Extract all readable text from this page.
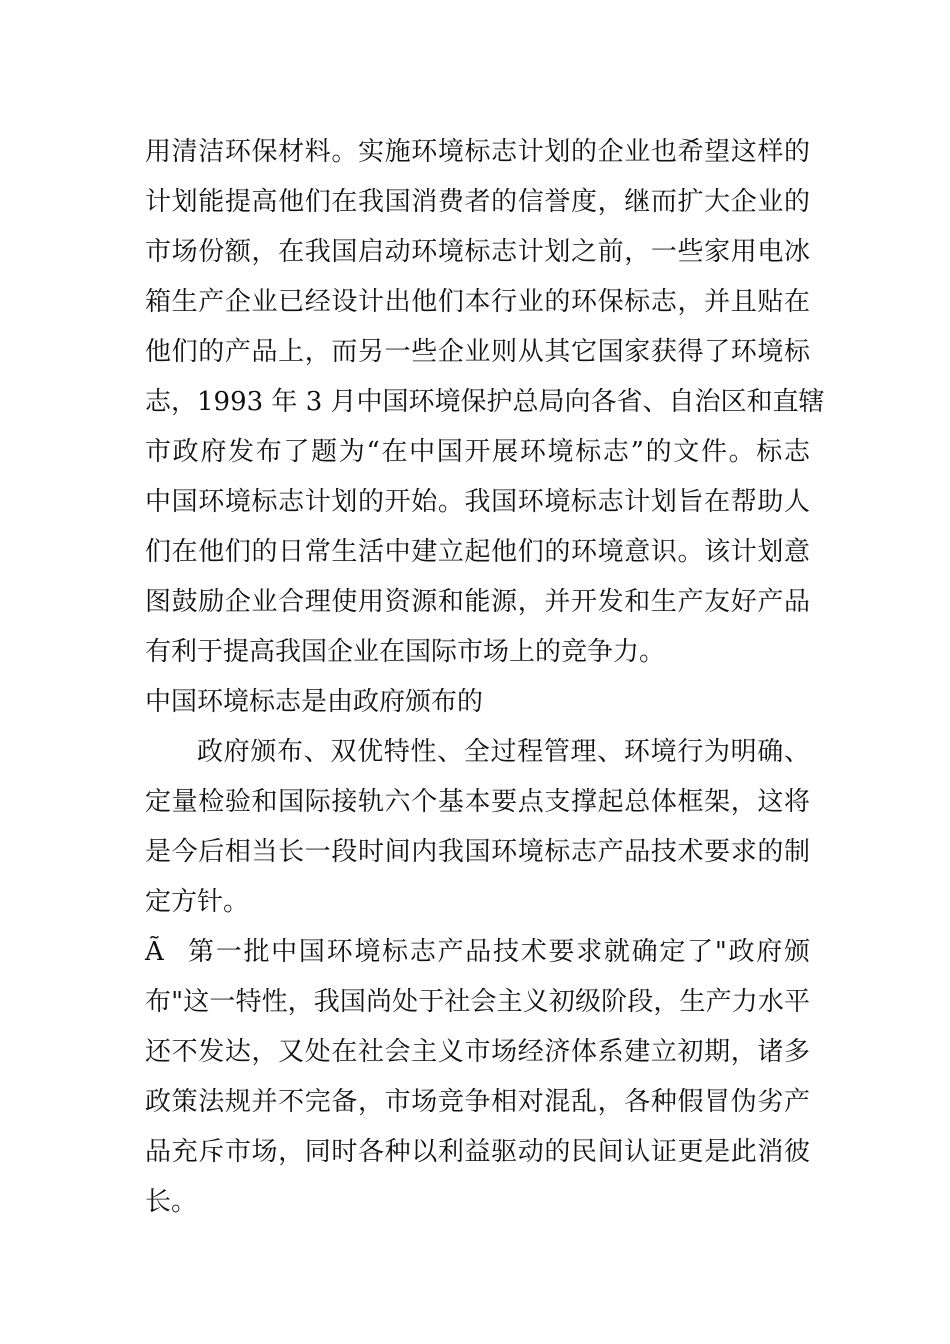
用清洁环保材料。实施环境标志计划的企业也希望这样的
计划能提高他们在我国消费者的信誉度，继而扩大企业的
市场份额，在我国启动环境标志计划之前，一些家用电冰
箱生产企业已经设计出他们本行业的环保标志，并且贴在
他们的产品上，而另一些企业则从其它国家获得了环境标
志，1993 年 3 月中国环境保护总局向各省、自治区和直辖
市政府发布了题为“在中国开展环境标志”的文件。标志
中国环境标志计划的开始。我国环境标志计划旨在帮助人
们在他们的日常生活中建立起他们的环境意识。该计划意
图鼓励企业合理使用资源和能源，并开发和生产友好产品
有利于提高我国企业在国际市场上的竞争力。
中国环境标志是由政府颁布的
政府颁布、双优特性、全过程管理、环境行为明确、
定量检验和国际接轨六个基本要点支撑起总体框架，这将
是今后相当长一段时间内我国环境标志产品技术要求的制
定方针。
Ã 第一批中国环境标志产品技术要求就确定了"政府颁
布"这一特性，我国尚处于社会主义初级阶段，生产力水平
还不发达，又处在社会主义市场经济体系建立初期，诸多
政策法规并不完备，市场竞争相对混乱，各种假冒伪劣产
品充斥市场，同时各种以利益驱动的民间认证更是此消彼
长。
